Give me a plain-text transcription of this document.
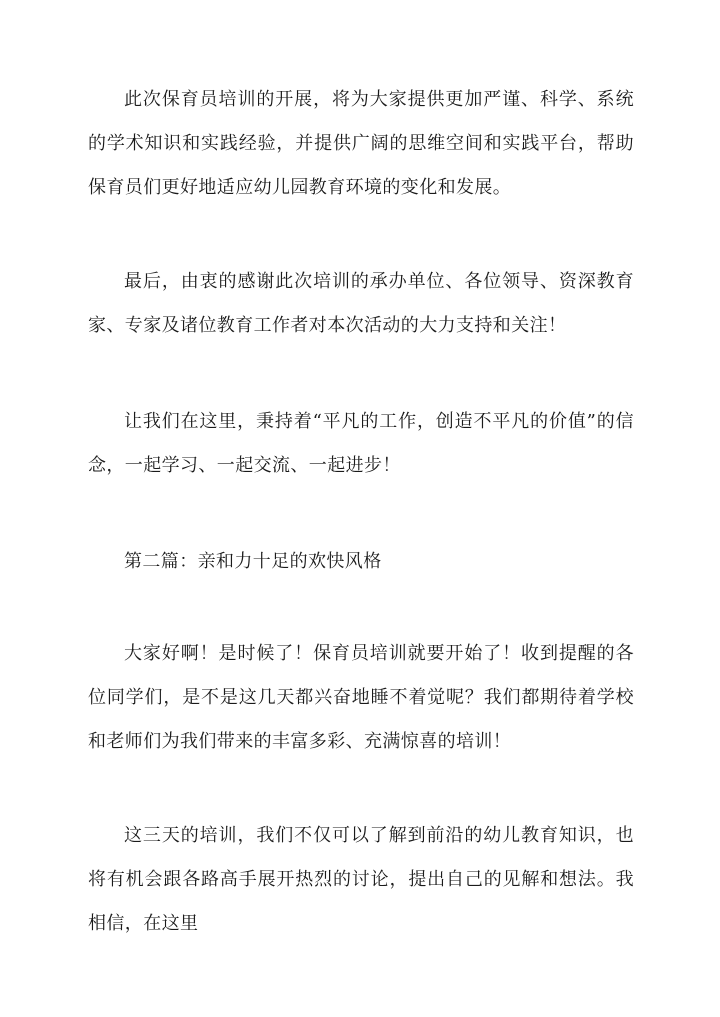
此次保育员培训的开展，将为大家提供更加严谨、科学、系统的学术知识和实践经验，并提供广阔的思维空间和实践平台，帮助保育员们更好地适应幼儿园教育环境的变化和发展。

最后，由衷的感谢此次培训的承办单位、各位领导、资深教育家、专家及诸位教育工作者对本次活动的大力支持和关注！

让我们在这里，秉持着“平凡的工作，创造不平凡的价值”的信念，一起学习、一起交流、一起进步！

第二篇：亲和力十足的欢快风格

大家好啊！是时候了！保育员培训就要开始了！收到提醒的各位同学们，是不是这几天都兴奋地睡不着觉呢？我们都期待着学校和老师们为我们带来的丰富多彩、充满惊喜的培训！

这三天的培训，我们不仅可以了解到前沿的幼儿教育知识，也将有机会跟各路高手展开热烈的讨论，提出自己的见解和想法。我相信，在这里
